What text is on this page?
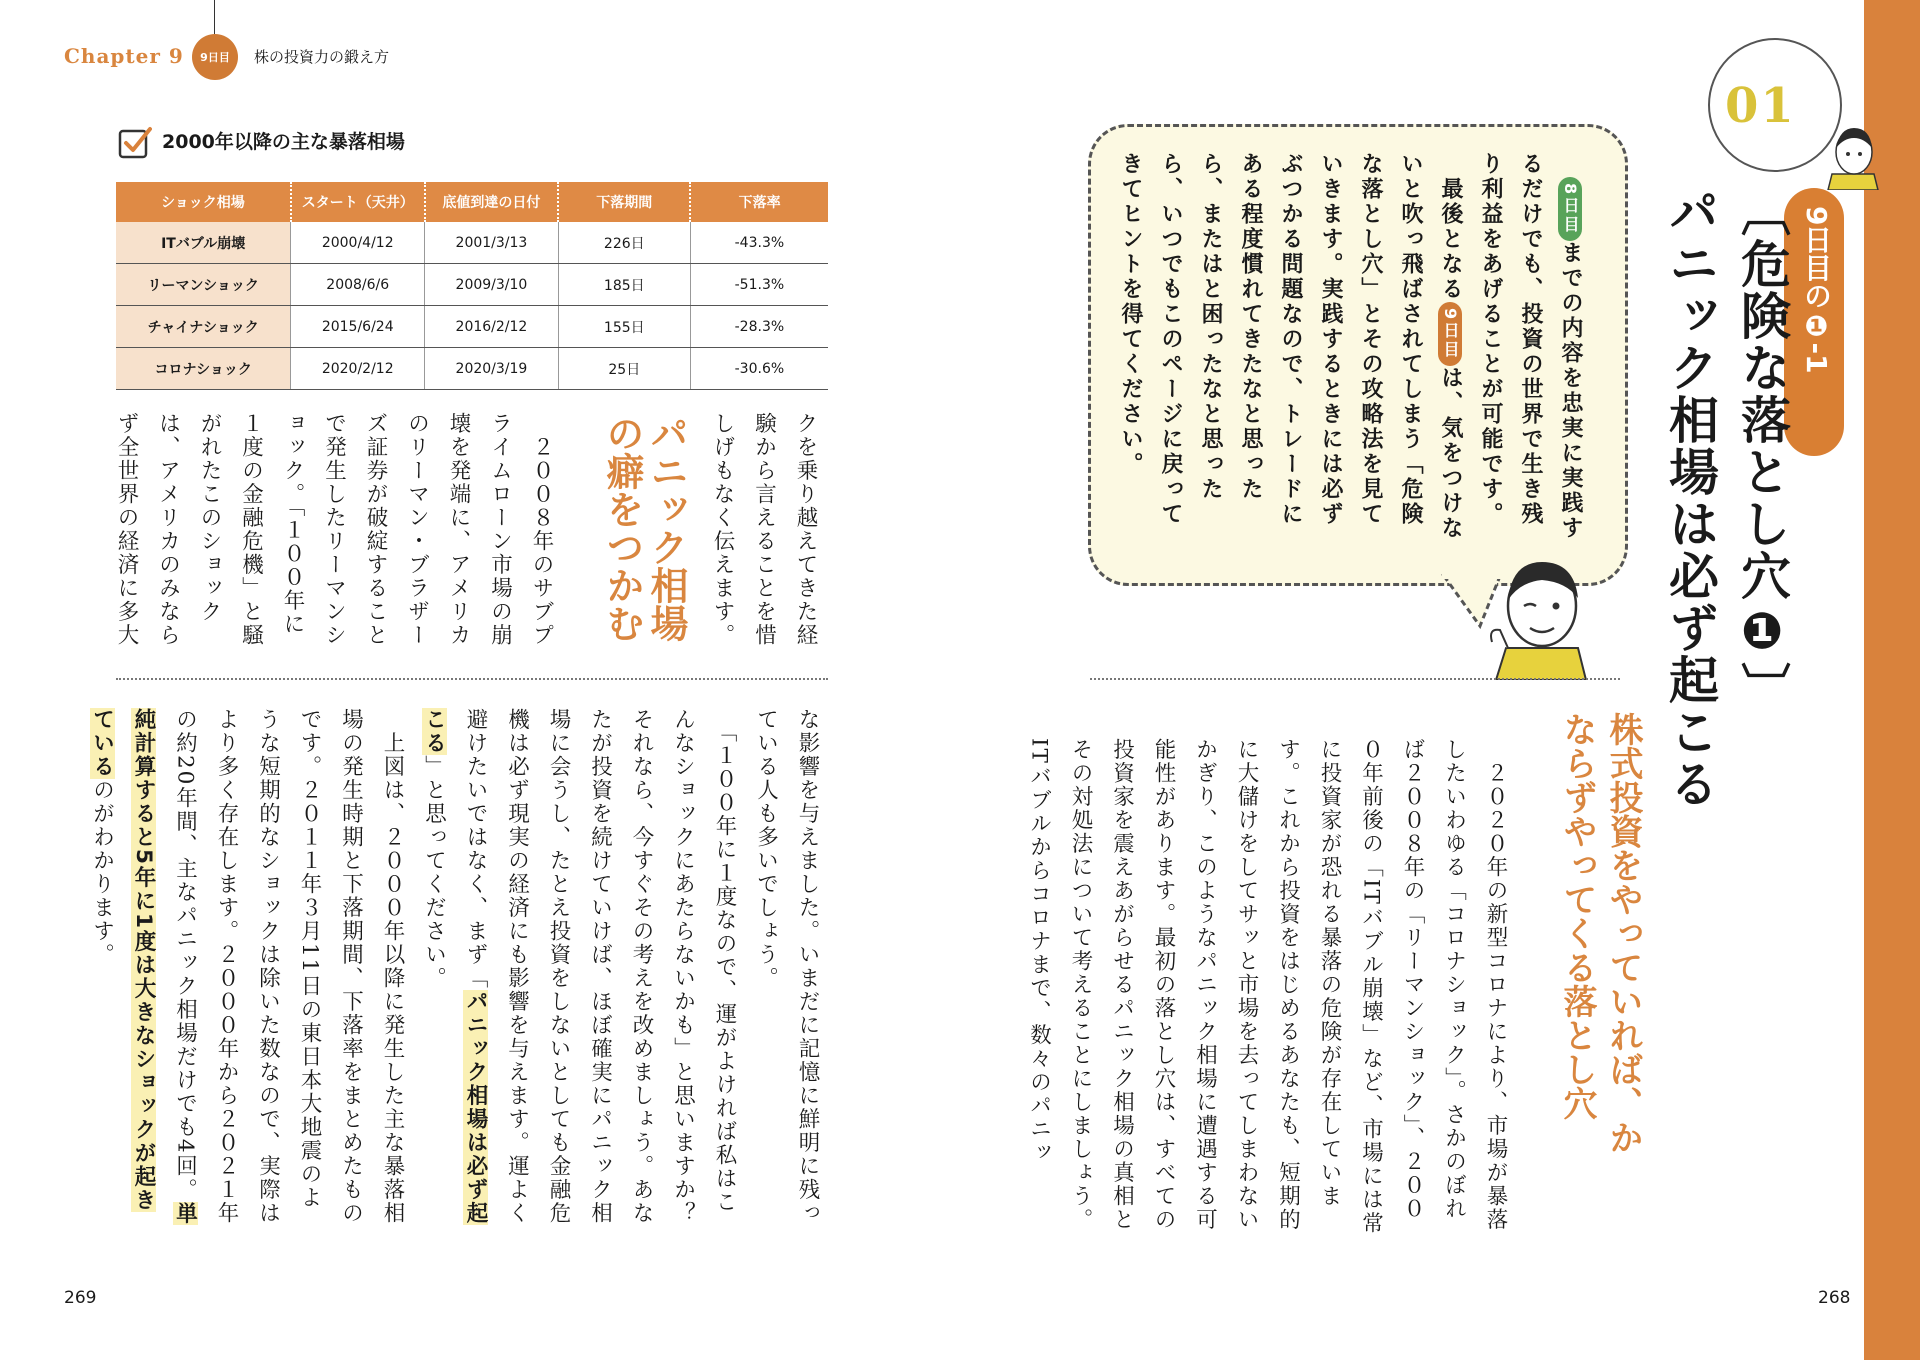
Chapter 9	9日目	株の投資力の鍛え方
2000年以降の主な暴落相場
ショック相場	スタート（天井）	底値到達の日付	下落期間	下落率
ITバブル崩壊	2000/4/12	2001/3/13	226日	-43.3%
リーマンショック	2008/6/6	2009/3/10	185日	-51.3%
チャイナショック	2015/6/24	2016/2/12	155日	-28.3%
コロナショック	2020/2/12	2020/3/19	25日	-30.6%
クを乗り越えてきた経験から言えることを惜しげもなく伝えます。
パニック相場の癖をつかむ
　２００８年のサブプライムローン市場の崩壊を発端に、アメリカのリーマン・ブラザーズ証券が破綻することで発生したリーマンショック。「１００年に１度の金融危機」と騒がれたこのショックは、アメリカのみならず全世界の経済に多大
な影響を与えました。いまだに記憶に鮮明に残っている人も多いでしょう。
　「１００年に１度なので、運がよければ私はこんなショックにあたらないかも」と思いますか？　それなら、今すぐその考えを改めましょう。あなたが投資を続けていけば、ほぼ確実にパニック相場に会うし、たとえ投資をしないとしても金融危機は必ず現実の経済にも影響を与えます。運よく避けたいではなく、まず「パニック相場は必ず起こる」と思ってください。
　上図は、２０００年以降に発生した主な暴落相場の発生時期と下落期間、下落率をまとめたものです。２０１１年３月11日の東日本大地震のような短期的なショックは除いた数なので、実際はより多く存在します。２０００年から２０２１年の約20年間、主なパニック相場だけでも4回。単純計算すると5年に1度は大きなショックが起きているのがわかります。
269
　8日目までの内容を忠実に実践するだけでも、投資の世界で生き残り利益をあげることが可能です。
　最後となる9日目は、気をつけないと吹っ飛ばされてしまう「危険な落とし穴」とその攻略法を見ていきます。実践するときには必ずぶつかる問題なので、トレードにある程度慣れてきたなと思ったら、またはと困ったなと思ったら、いつでもこのページに戻ってきてヒントを得てください。
01
9日目の❶-1
〔危険な落とし穴❶〕
パニック相場は必ず起こる
株式投資をやっていれば、かならずやってくる落とし穴
　２０２０年の新型コロナにより、市場が暴落したいわゆる「コロナショック」。さかのぼれば２００８年の「リーマンショック」、２０００年前後の「ITバブル崩壊」など、市場には常に投資家が恐れる暴落の危険が存在しています。これから投資をはじめるあなたも、短期的に大儲けをしてサッと市場を去ってしまわないかぎり、このようなパニック相場に遭遇する可能性があります。最初の落とし穴は、すべての投資家を震えあがらせるパニック相場の真相とその対処法について考えることにしましょう。ITバブルからコロナまで、数々のパニッ
268
